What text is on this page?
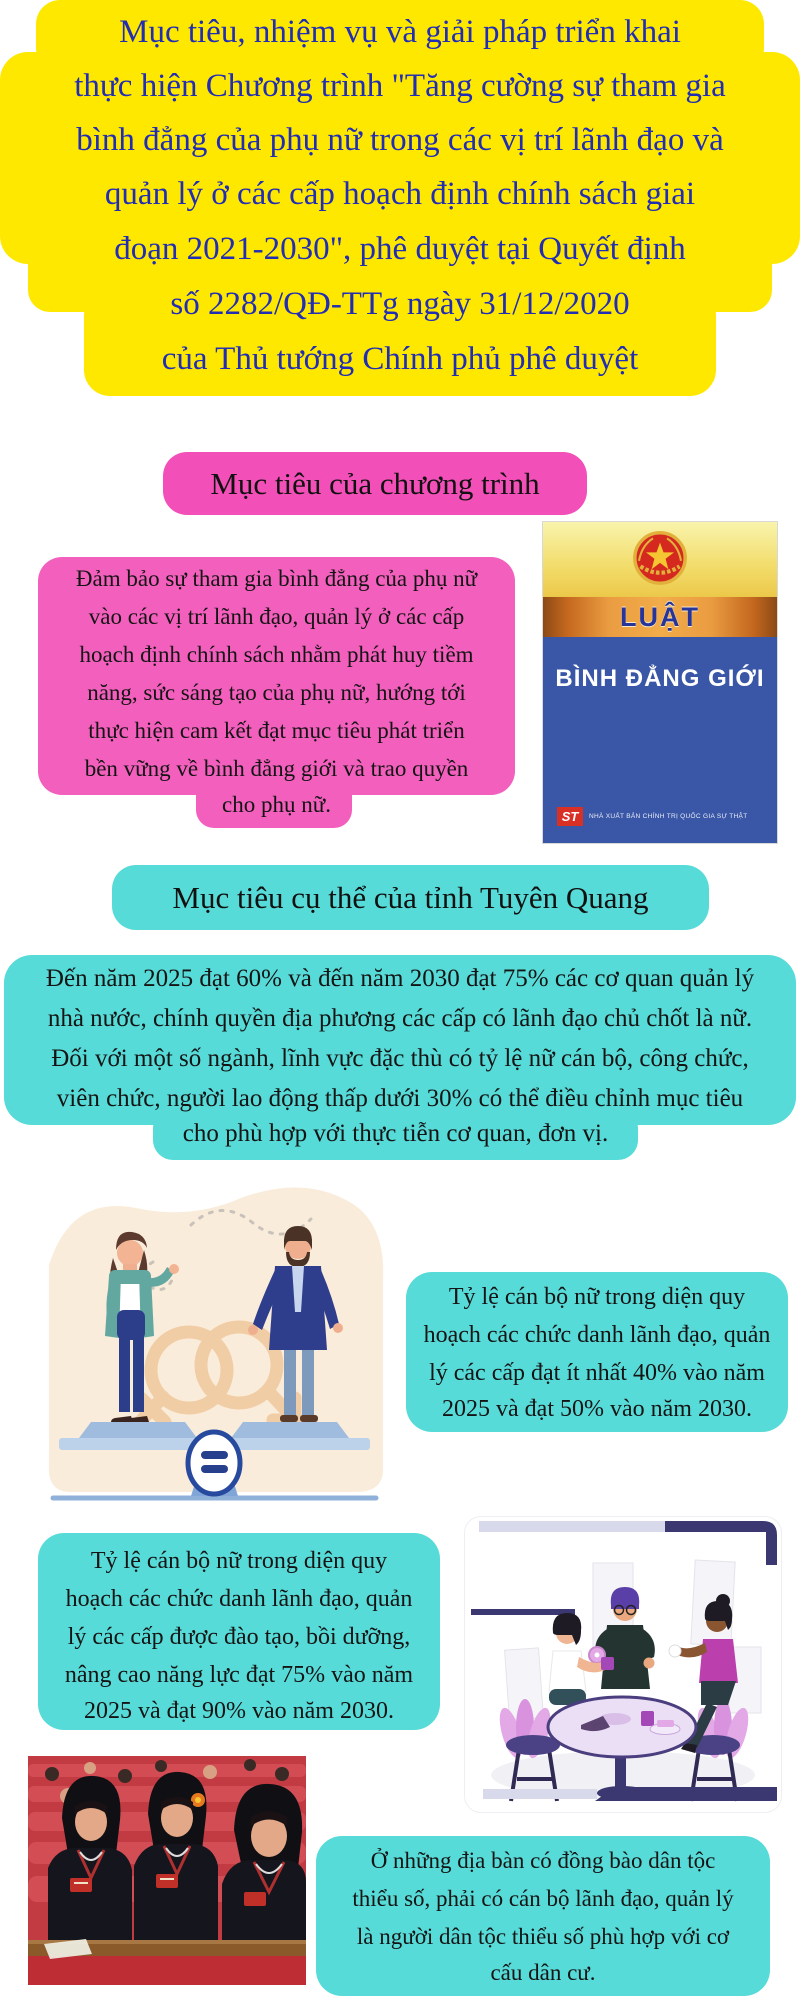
Mục tiêu, nhiệm vụ và giải pháp triển khai
thực hiện Chương trình "Tăng cường sự tham gia
bình đẳng của phụ nữ trong các vị trí lãnh đạo và
quản lý ở các cấp hoạch định chính sách giai
đoạn 2021-2030", phê duyệt tại Quyết định
số 2282/QĐ-TTg ngày 31/12/2020
của Thủ tướng Chính phủ phê duyệt
Mục tiêu của chương trình
Đảm bảo sự tham gia bình đẳng của phụ nữ
vào các vị trí lãnh đạo, quản lý ở các cấp
hoạch định chính sách nhằm phát huy tiềm
năng, sức sáng tạo của phụ nữ, hướng tới
thực hiện cam kết đạt mục tiêu phát triển
bền vững về bình đẳng giới và trao quyền
cho phụ nữ.
LUẬT
BÌNH ĐẲNG GIỚI
ST	NHÀ XUẤT BẢN CHÍNH TRỊ QUỐC GIA SỰ THẬT
Mục tiêu cụ thể của tỉnh Tuyên Quang
Đến năm 2025 đạt 60% và đến năm 2030 đạt 75% các cơ quan quản lý
nhà nước, chính quyền địa phương các cấp có lãnh đạo chủ chốt là nữ.
Đối với một số ngành, lĩnh vực đặc thù có tỷ lệ nữ cán bộ, công chức,
viên chức, người lao động thấp dưới 30% có thể điều chỉnh mục tiêu
cho phù hợp với thực tiễn cơ quan, đơn vị.
Tỷ lệ cán bộ nữ trong diện quy
hoạch các chức danh lãnh đạo, quản
lý các cấp đạt ít nhất 40% vào năm
2025 và đạt 50% vào năm 2030.
Tỷ lệ cán bộ nữ trong diện quy
hoạch các chức danh lãnh đạo, quản
lý các cấp được đào tạo, bồi dưỡng,
nâng cao năng lực đạt 75% vào năm
2025 và đạt 90% vào năm 2030.
Ở những địa bàn có đồng bào dân tộc
thiểu số, phải có cán bộ lãnh đạo, quản lý
là người dân tộc thiểu số phù hợp với cơ
cấu dân cư.
